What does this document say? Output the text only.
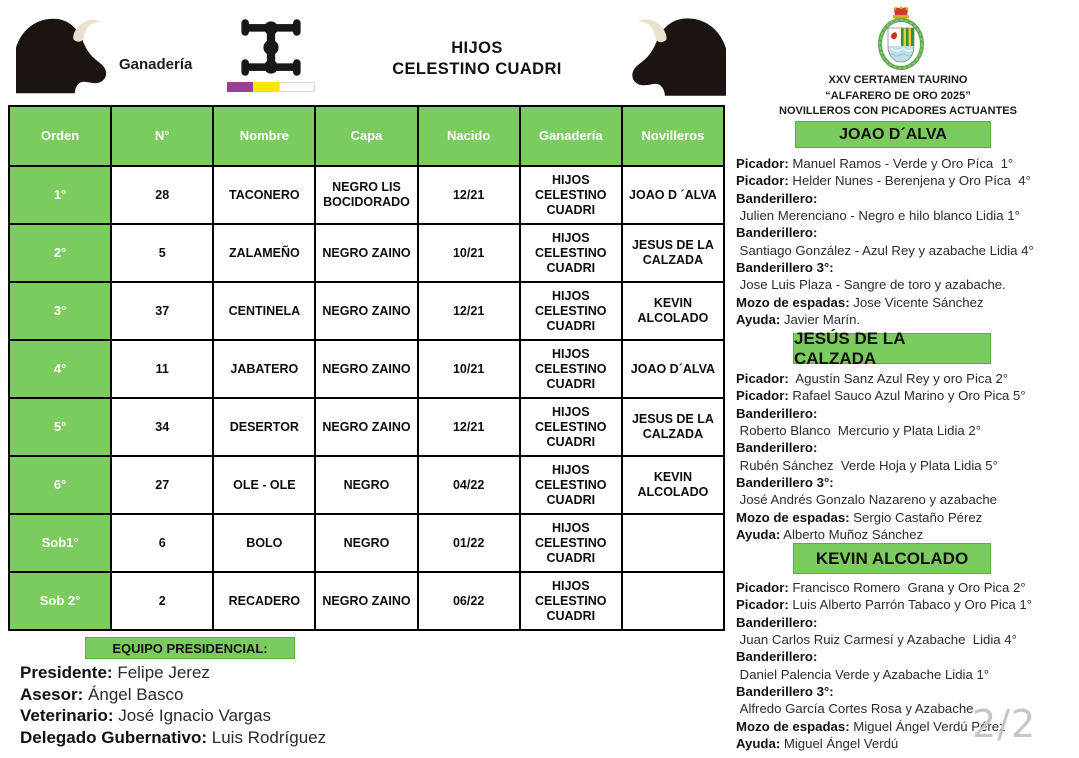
Ganadería
HIJOS
CELESTINO CUADRI
Orden	N°	Nombre	Capa	Nacido	Ganadería	Novilleros
1°	28	TACONERO	NEGRO LIS BOCIDORADO	12/21	HIJOS CELESTINO CUADRI	JOAO D ´ALVA
2°	5	ZALAMEÑO	NEGRO ZAINO	10/21	HIJOS CELESTINO CUADRI	JESUS DE LA CALZADA
3°	37	CENTINELA	NEGRO ZAINO	12/21	HIJOS CELESTINO CUADRI	KEVIN ALCOLADO
4°	11	JABATERO	NEGRO ZAINO	10/21	HIJOS CELESTINO CUADRI	JOAO D´ALVA
5°	34	DESERTOR	NEGRO ZAINO	12/21	HIJOS CELESTINO CUADRI	JESUS DE LA CALZADA
6°	27	OLE - OLE	NEGRO	04/22	HIJOS CELESTINO CUADRI	KEVIN ALCOLADO
Sob1°	6	BOLO	NEGRO	01/22	HIJOS CELESTINO CUADRI	
Sob 2°	2	RECADERO	NEGRO ZAINO	06/22	HIJOS CELESTINO CUADRI	
EQUIPO PRESIDENCIAL:
Presidente: Felipe Jerez
Asesor: Ángel Basco
Veterinario: José Ignacio Vargas
Delegado Gubernativo: Luis Rodríguez
XXV CERTAMEN TAURINO
“ALFARERO DE ORO 2025”
NOVILLEROS CON PICADORES ACTUANTES
JOAO D´ALVA
Picador: Manuel Ramos - Verde y Oro Píca  1°
Picador: Helder Nunes - Berenjena y Oro Píca  4°
Banderillero:
Julien Merenciano - Negro e hilo blanco Lidia 1°
Banderillero:
Santiago González - Azul Rey y azabache Lidia 4°
Banderillero 3°:
Jose Luis Plaza - Sangre de toro y azabache.
Mozo de espadas: Jose Vicente Sánchez
Ayuda: Javier Marín.
JESÚS DE LA CALZADA
Picador:  Agustín Sanz Azul Rey y oro Pica 2°
Picador: Rafael Sauco Azul Marino y Oro Pica 5°
Banderillero:
Roberto Blanco  Mercurio y Plata Lidia 2°
Banderillero:
Rubén Sánchez  Verde Hoja y Plata Lidia 5°
Banderillero 3°:
José Andrés Gonzalo Nazareno y azabache
Mozo de espadas: Sergio Castaño Pérez
Ayuda: Alberto Muñoz Sánchez
KEVIN ALCOLADO
Picador: Francisco Romero  Grana y Oro Pica 2°
Picador: Luis Alberto Parrón Tabaco y Oro Pica 1°
Banderillero:
Juan Carlos Ruiz Carmesí y Azabache  Lidia 4°
Banderillero:
Daniel Palencia Verde y Azabache Lidia 1°
Banderillero 3°:
Alfredo García Cortes Rosa y Azabache
Mozo de espadas: Miguel Ángel Verdú Pérez
Ayuda: Miguel Ángel Verdú	2/2
